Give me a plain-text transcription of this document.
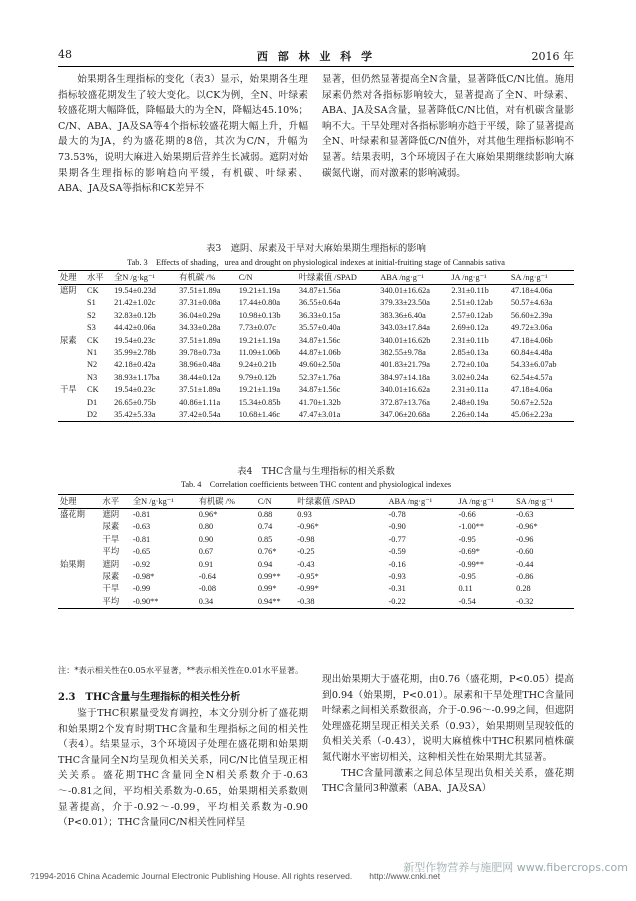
48	西 部 林 业 科 学	2016 年

始果期各生理指标的变化（表3）显示，始果期各生理指标较盛花期发生了较大变化。以CK为例，全N、叶绿素较盛花期大幅降低，降幅最大的为全N，降幅达45.10%；C/N、ABA、JA及SA等4个指标较盛花期大幅上升，升幅最大的为JA，约为盛花期的8倍，其次为C/N，升幅为73.53%，说明大麻进入始果期后营养生长减弱。遮阴对始果期各生理指标的影响趋向平缓，有机碳、叶绿素、ABA、JA及SA等指标和CK差异不

显著，但仍然显著提高全N含量，显著降低C/N比值。施用尿素仍然对各指标影响较大，显著提高了全N、叶绿素、ABA、JA及SA含量，显著降低C/N比值，对有机碳含量影响不大。干旱处理对各指标影响亦趋于平缓，除了显著提高全N、叶绿素和显著降低C/N值外，对其他生理指标影响不显著。结果表明，3个环境因子在大麻始果期继续影响大麻碳氮代谢，而对激素的影响减弱。

表3　遮阴、尿素及干旱对大麻始果期生理指标的影响
Tab. 3　Effects of shading，urea and drought on physiological indexes at initial-fruiting stage of Cannabis sativa
处理	水平	全N /g·kg⁻¹	有机碳 /%	C/N	叶绿素值 /SPAD	ABA /ng·g⁻¹	JA /ng·g⁻¹	SA /ng·g⁻¹
遮阴	CK	19.54±0.23d	37.51±1.89a	19.21±1.19a	34.87±1.56a	340.01±16.62a	2.31±0.11b	47.18±4.06a
	S1	21.42±1.02c	37.31±0.08a	17.44±0.80a	36.55±0.64a	379.33±23.50a	2.51±0.12ab	50.57±4.63a
	S2	32.83±0.12b	36.04±0.29a	10.98±0.13b	36.33±0.15a	383.36±6.40a	2.57±0.12ab	56.60±2.39a
	S3	44.42±0.06a	34.33±0.28a	7.73±0.07c	35.57±0.40a	343.03±17.84a	2.69±0.12a	49.72±3.06a
尿素	CK	19.54±0.23c	37.51±1.89a	19.21±1.19a	34.87±1.56c	340.01±16.62b	2.31±0.11b	47.18±4.06b
	N1	35.99±2.78b	39.78±0.73a	11.09±1.06b	44.87±1.06b	382.55±9.78a	2.85±0.13a	60.84±4.48a
	N2	42.18±0.42a	38.96±0.48a	9.24±0.21b	49.60±2.50a	401.83±21.79a	2.72±0.10a	54.33±6.07ab
	N3	38.93±1.17ba	38.44±0.12a	9.79±0.12b	52.37±1.76a	384.97±14.18a	3.02±0.24a	62.54±4.57a
干旱	CK	19.54±0.23c	37.51±1.89a	19.21±1.19a	34.87±1.56c	340.01±16.62a	2.31±0.11a	47.18±4.06a
	D1	26.65±0.75b	40.86±1.11a	15.34±0.85b	41.70±1.32b	372.87±13.76a	2.48±0.19a	50.67±2.52a
	D2	35.42±5.33a	37.42±0.54a	10.68±1.46c	47.47±3.01a	347.06±20.68a	2.26±0.14a	45.06±2.23a
表4　THC含量与生理指标的相关系数
Tab. 4　Correlation coefficients between THC content and physiological indexes
处理	水平	全N /g·kg⁻¹	有机碳 /%	C/N	叶绿素值 /SPAD	ABA /ng·g⁻¹	JA /ng·g⁻¹	SA /ng·g⁻¹
盛花期	遮阴	-0.81	0.96*	0.88	0.93	-0.78	-0.66	-0.63
	尿素	-0.63	0.80	0.74	-0.96*	-0.90	-1.00**	-0.96*
	干旱	-0.81	0.90	0.85	-0.98	-0.77	-0.95	-0.96
	平均	-0.65	0.67	0.76*	-0.25	-0.59	-0.69*	-0.60
始果期	遮阴	-0.92	0.91	0.94	-0.43	-0.16	-0.99**	-0.44
	尿素	-0.98*	-0.64	0.99**	-0.95*	-0.93	-0.95	-0.86
	干旱	-0.99	-0.08	0.99*	-0.99*	-0.31	0.11	0.28
	平均	-0.90**	0.34	0.94**	-0.38	-0.22	-0.54	-0.32
注：*表示相关性在0.05水平显著，**表示相关性在0.01水平显著。
2.3　THC含量与生理指标的相关性分析

鉴于THC积累量受发育调控，本文分别分析了盛花期和始果期2个发育时期THC含量和生理指标之间的相关性（表4）。结果显示，3个环境因子处理在盛花期和始果期THC含量同全N均呈现负相关关系，同C/N比值呈现正相关关系。盛花期THC含量同全N相关系数介于-0.63～-0.81之间，平均相关系数为-0.65，始果期相关系数则显著提高，介于-0.92～-0.99，平均相关系数为-0.90（P<0.01）；THC含量同C/N相关性同样呈

现出始果期大于盛花期，由0.76（盛花期，P<0.05）提高到0.94（始果期，P<0.01）。尿素和干旱处理THC含量同叶绿素之间相关系数很高，介于-0.96～-0.99之间，但遮阴处理盛花期呈现正相关关系（0.93），始果期则呈现较低的负相关关系（-0.43），说明大麻植株中THC积累同植株碳氮代谢水平密切相关，这种相关性在始果期尤其显著。

THC含量同激素之间总体呈现出负相关关系，盛花期THC含量同3种激素（ABA、JA及SA）

?1994-2016 China Academic Journal Electronic Publishing House. All rights reserved.　　http://www.cnki.net
新型作物营养与施肥网 www.fibercrops.com
